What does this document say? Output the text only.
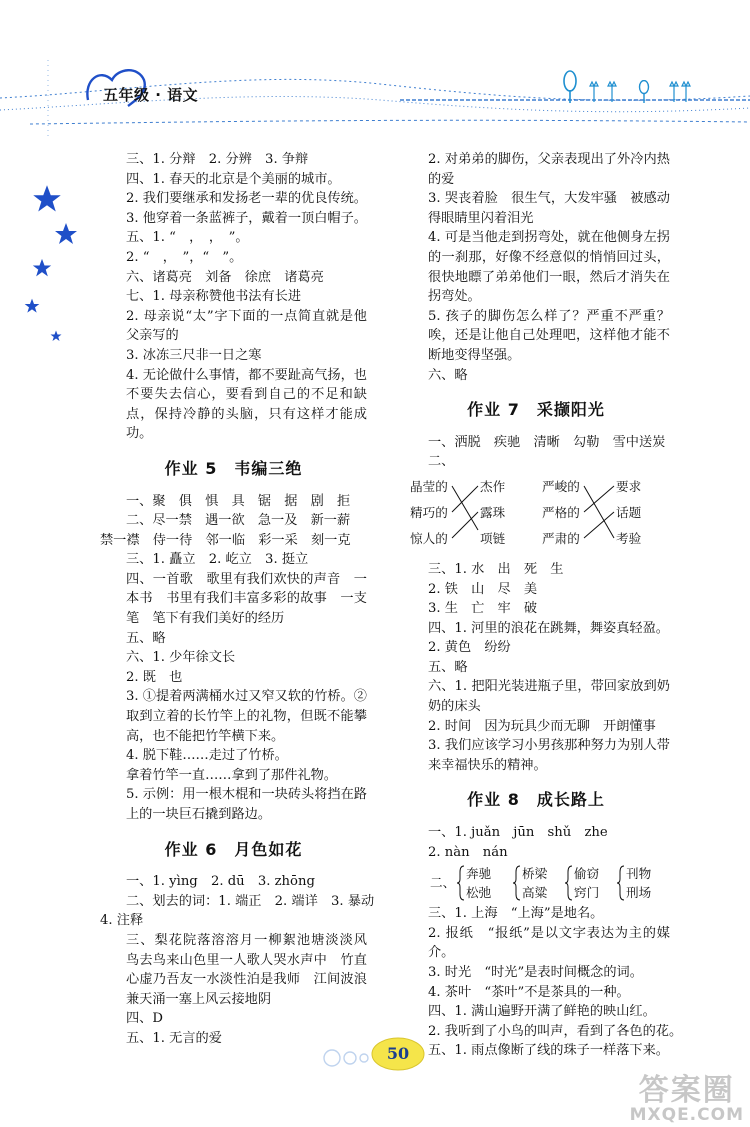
五年级 · 语文
三、1. 分辩　2. 分辨　3. 争辩
四、1. 春天的北京是个美丽的城市。
2. 我们要继承和发扬老一辈的优良传统。
3. 他穿着一条蓝裤子，戴着一顶白帽子。
五、1. “　，　，　”。
2. “　，　”，“　”。
六、诸葛亮　刘备　徐庶　诸葛亮
七、1. 母亲称赞他书法有长进
2. 母亲说“太”字下面的一点简直就是他父亲写的
3. 冰冻三尺非一日之寒
4. 无论做什么事情，都不要趾高气扬，也不要失去信心，要看到自己的不足和缺点，保持冷静的头脑，只有这样才能成功。
作业 5　韦编三绝
一、聚　俱　惧　具　锯　据　剧　拒
二、尽一禁　遇一欲　急一及　新一薪
禁一襟　侍一待　邻一临　彩一采　刻一克
三、1. 矗立　2. 屹立　3. 挺立
四、一首歌　歌里有我们欢快的声音　一本书　书里有我们丰富多彩的故事　一支笔　笔下有我们美好的经历
五、略
六、1. 少年徐文长
2. 既　也
3. ①提着两满桶水过又窄又软的竹桥。②取到立着的长竹竿上的礼物，但既不能攀高，也不能把竹竿横下来。
4. 脱下鞋……走过了竹桥。
拿着竹竿一直……拿到了那件礼物。
5. 示例：用一根木棍和一块砖头将挡在路上的一块巨石撬到路边。
作业 6　月色如花
一、1. yìng　2. dū　3. zhōng
二、划去的词：1. 端正　2. 端详　3. 暴动
4. 注释
三、梨花院落溶溶月一柳絮池塘淡淡风　鸟去鸟来山色里一人歌人哭水声中　竹直心虚乃吾友一水淡性泊是我师　江间波浪兼天涌一塞上风云接地阴
四、D
五、1. 无言的爱
2. 对弟弟的脚伤，父亲表现出了外冷内热的爱
3. 哭丧着脸　很生气，大发牢骚　被感动得眼睛里闪着泪光
4. 可是当他走到拐弯处，就在他侧身左拐的一刹那，好像不经意似的悄悄回过头，很快地瞟了弟弟他们一眼，然后才消失在拐弯处。
5. 孩子的脚伤怎么样了？严重不严重？唉，还是让他自己处理吧，这样他才能不断地变得坚强。
六、略
作业 7　采撷阳光
一、洒脱　疾驰　清晰　勾勒　雪中送炭
二、
晶莹的
精巧的
惊人的
杰作
露珠
项链
严峻的
严格的
严肃的
要求
话题
考验
三、1. 水　出　死　生
2. 铁　山　尽　美
3. 生　亡　牢　破
四、1. 河里的浪花在跳舞，舞姿真轻盈。
2. 黄色　纷纷
五、略
六、1. 把阳光装进瓶子里，带回家放到奶奶的床头
2. 时间　因为玩具少而无聊　开朗懂事
3. 我们应该学习小男孩那种努力为别人带来幸福快乐的精神。
作业 8　成长路上
一、1. juǎn　jūn　shǔ　zhe
2. nàn　nán
二、
奔驰
松弛
桥梁
高粱
偷窃
窍门
刊物
刑场
三、1. 上海　“上海”是地名。
2. 报纸　“报纸”是以文字表达为主的媒介。
3. 时光　“时光”是表时间概念的词。
4. 茶叶　“茶叶”不是茶具的一种。
四、1. 满山遍野开满了鲜艳的映山红。
2. 我听到了小鸟的叫声，看到了各色的花。
五、1. 雨点像断了线的珠子一样落下来。
50
答案圈
MXQE.COM
